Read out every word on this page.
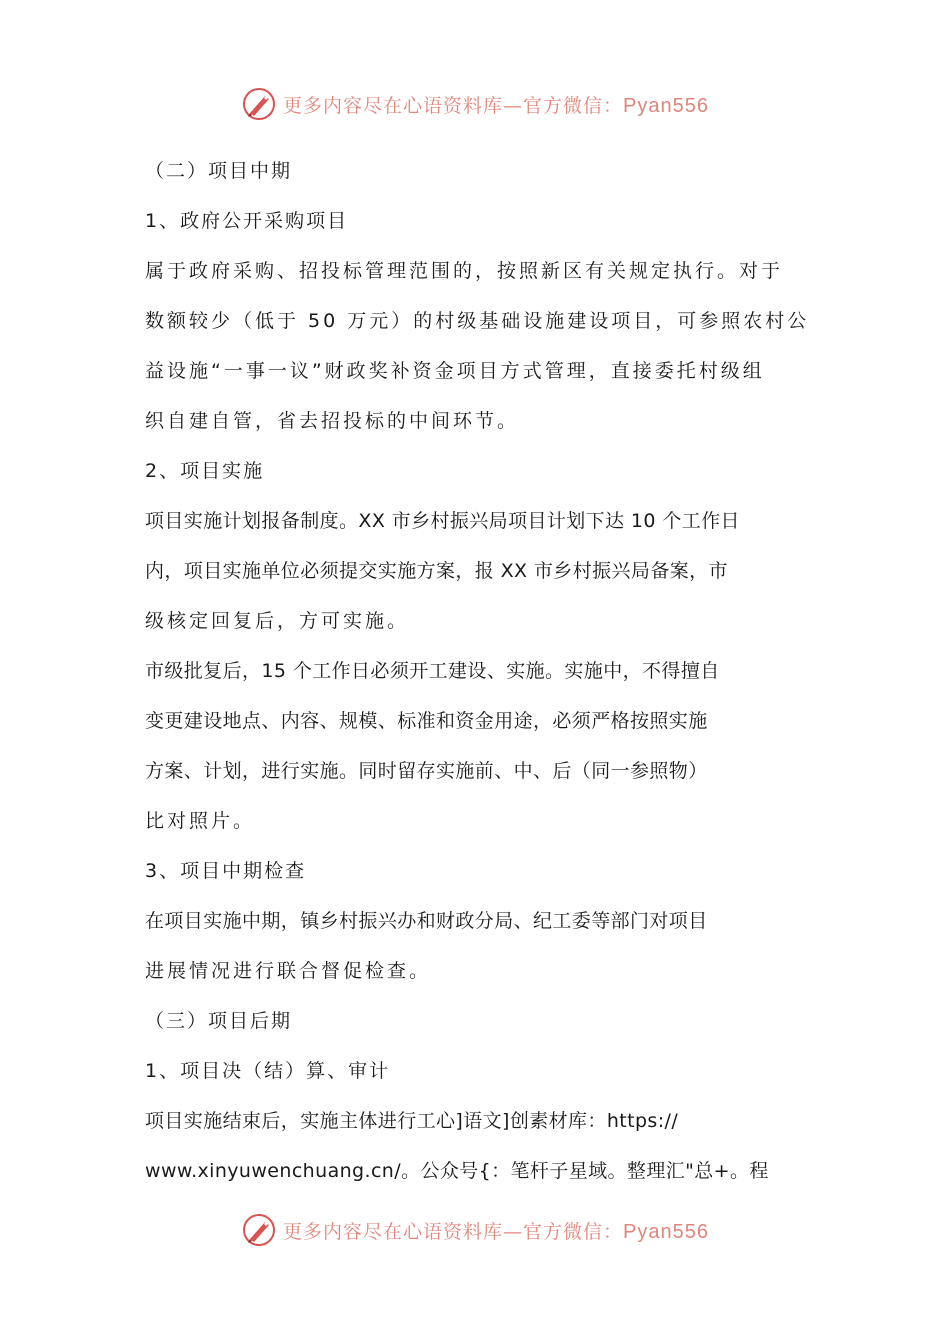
更多内容尽在心语资料库—官方微信：Pyan556
（二）项目中期
1、政府公开采购项目
属于政府采购、招投标管理范围的，按照新区有关规定执行。对于
数额较少（低于 50 万元）的村级基础设施建设项目，可参照农村公
益设施“一事一议”财政奖补资金项目方式管理，直接委托村级组
织自建自管，省去招投标的中间环节。
2、项目实施
项目实施计划报备制度。XX 市乡村振兴局项目计划下达 10 个工作日
内，项目实施单位必须提交实施方案，报 XX 市乡村振兴局备案，市
级核定回复后，方可实施。
市级批复后，15 个工作日必须开工建设、实施。实施中，不得擅自
变更建设地点、内容、规模、标准和资金用途，必须严格按照实施
方案、计划，进行实施。同时留存实施前、中、后（同一参照物）
比对照片。
3、项目中期检查
在项目实施中期，镇乡村振兴办和财政分局、纪工委等部门对项目
进展情况进行联合督促检查。
（三）项目后期
1、项目决（结）算、审计
项目实施结束后，实施主体进行工心]语文]创素材库：https://
www.xinyuwenchuang.cn/。公众号{：笔杆子星域。整理汇"总+。程
更多内容尽在心语资料库—官方微信：Pyan556
